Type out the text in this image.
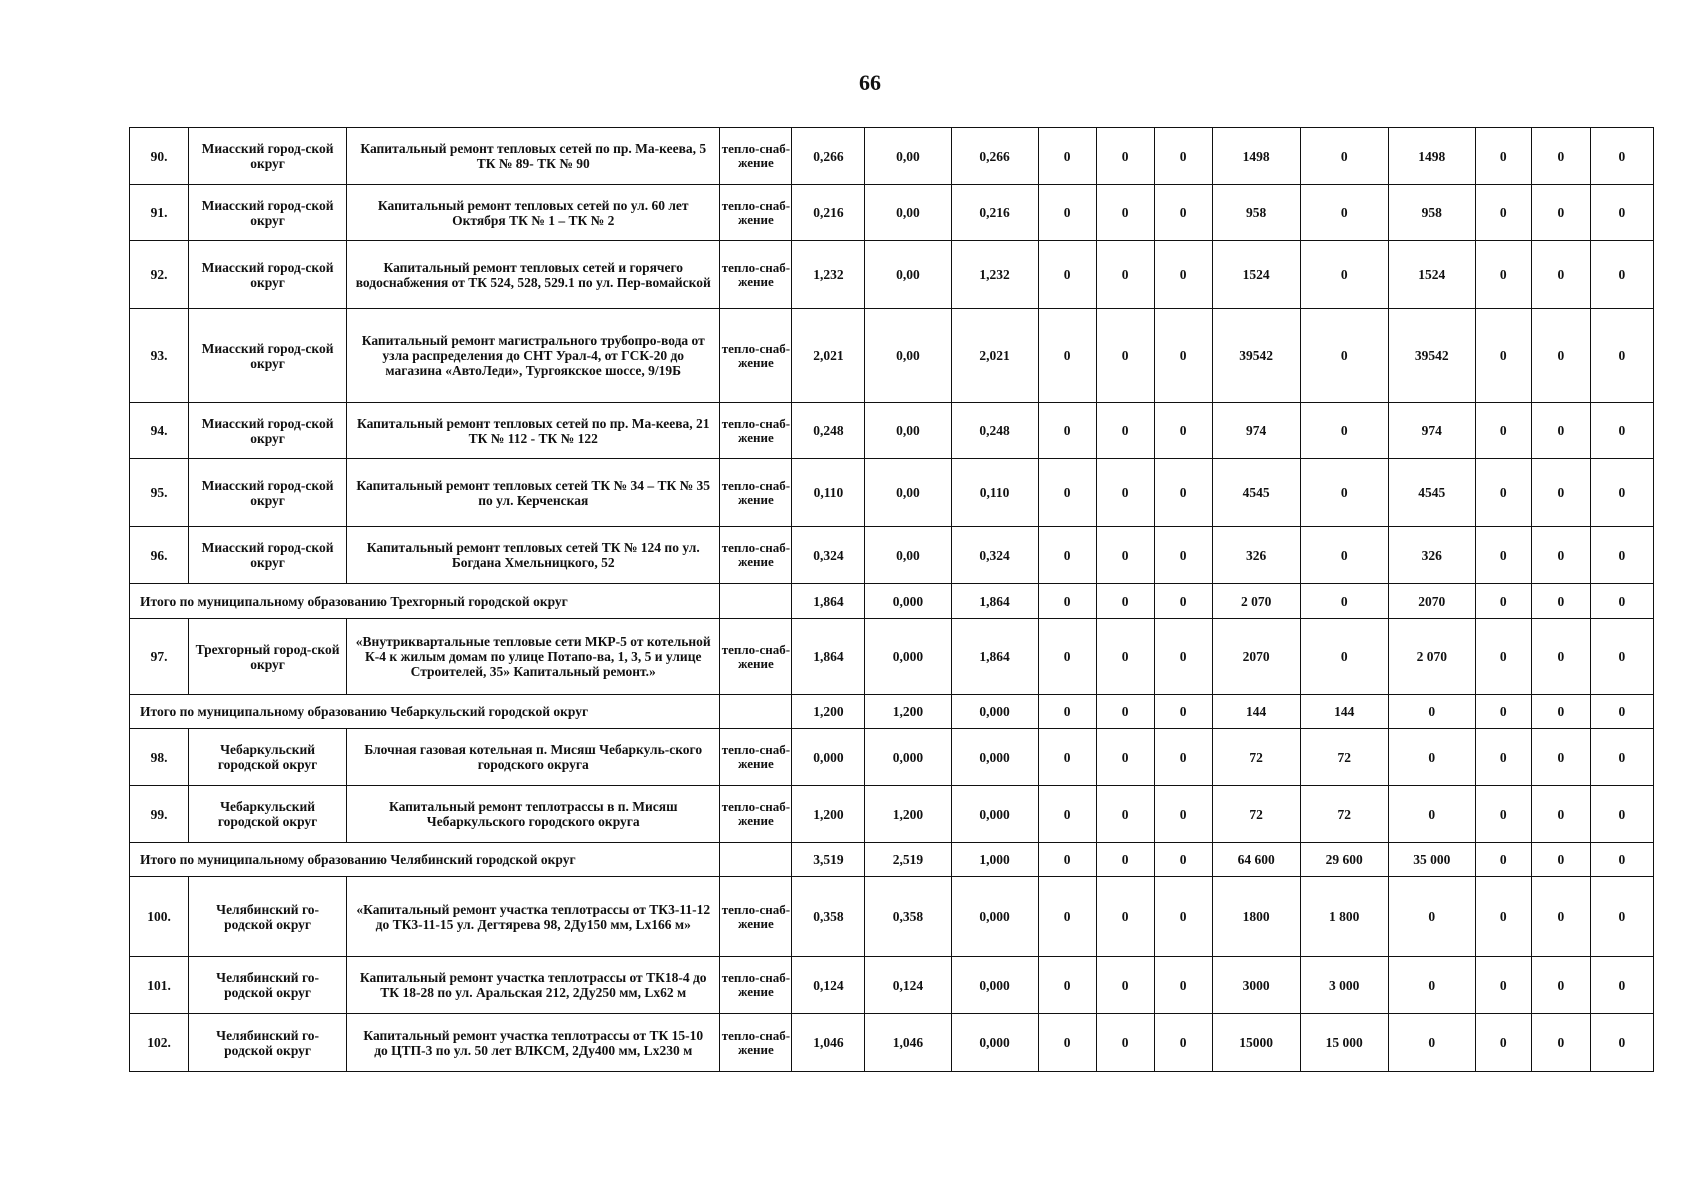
66
90.	Миасский город-ской округ	Капитальный ремонт тепловых сетей по пр. Ма-кеева, 5 ТК № 89- ТК № 90	тепло-снаб-жение	0,266	0,00	0,266	0	0	0	1498	0	1498	0	0	0
91.	Миасский город-ской округ	Капитальный ремонт тепловых сетей по ул. 60 лет Октября ТК № 1 – ТК № 2	тепло-снаб-жение	0,216	0,00	0,216	0	0	0	958	0	958	0	0	0
92.	Миасский город-ской округ	Капитальный ремонт тепловых сетей и горячего водоснабжения от ТК 524, 528, 529.1 по ул. Пер-вомайской	тепло-снаб-жение	1,232	0,00	1,232	0	0	0	1524	0	1524	0	0	0
93.	Миасский город-ской округ	Капитальный ремонт магистрального трубопро-вода от узла распределения до СНТ Урал-4, от ГСК-20 до магазина «АвтоЛеди», Тургоякское шоссе, 9/19Б	тепло-снаб-жение	2,021	0,00	2,021	0	0	0	39542	0	39542	0	0	0
94.	Миасский город-ской округ	Капитальный ремонт тепловых сетей по пр. Ма-кеева, 21 ТК № 112 - ТК № 122	тепло-снаб-жение	0,248	0,00	0,248	0	0	0	974	0	974	0	0	0
95.	Миасский город-ской округ	Капитальный ремонт тепловых сетей ТК № 34 – ТК № 35 по ул. Керченская	тепло-снаб-жение	0,110	0,00	0,110	0	0	0	4545	0	4545	0	0	0
96.	Миасский город-ской округ	Капитальный ремонт тепловых сетей ТК № 124 по ул. Богдана Хмельницкого, 52	тепло-снаб-жение	0,324	0,00	0,324	0	0	0	326	0	326	0	0	0
Итого по муниципальному образованию Трехгорный городской округ				1,864	0,000	1,864	0	0	0	2 070	0	2070	0	0	0
97.	Трехгорный город-ской округ	«Внутриквартальные тепловые сети МКР-5 от котельной К-4 к жилым домам по улице Потапо-ва, 1, 3, 5 и улице Строителей, 35» Капитальный ремонт.»	тепло-снаб-жение	1,864	0,000	1,864	0	0	0	2070	0	2 070	0	0	0
Итого по муниципальному образованию Чебаркульский городской округ				1,200	1,200	0,000	0	0	0	144	144	0	0	0	0
98.	Чебаркульский городской округ	Блочная газовая котельная п. Мисяш Чебаркуль-ского городского округа	тепло-снаб-жение	0,000	0,000	0,000	0	0	0	72	72	0	0	0	0
99.	Чебаркульский городской округ	Капитальный ремонт теплотрассы в п. Мисяш Чебаркульского городского округа	тепло-снаб-жение	1,200	1,200	0,000	0	0	0	72	72	0	0	0	0
Итого по муниципальному образованию Челябинский городской округ				3,519	2,519	1,000	0	0	0	64 600	29 600	35 000	0	0	0
100.	Челябинский го-родской округ	«Капитальный ремонт участка теплотрассы от ТК3-11-12 до ТК3-11-15 ул. Дегтярева 98, 2Ду150 мм, Lх166 м»	тепло-снаб-жение	0,358	0,358	0,000	0	0	0	1800	1 800	0	0	0	0
101.	Челябинский го-родской округ	Капитальный ремонт участка теплотрассы от ТК18-4 до ТК 18-28 по ул. Аральская 212, 2Ду250 мм, Lх62 м	тепло-снаб-жение	0,124	0,124	0,000	0	0	0	3000	3 000	0	0	0	0
102.	Челябинский го-родской округ	Капитальный ремонт участка теплотрассы от ТК 15-10 до ЦТП-3 по ул. 50 лет ВЛКСМ, 2Ду400 мм, Lх230 м	тепло-снаб-жение	1,046	1,046	0,000	0	0	0	15000	15 000	0	0	0	0
